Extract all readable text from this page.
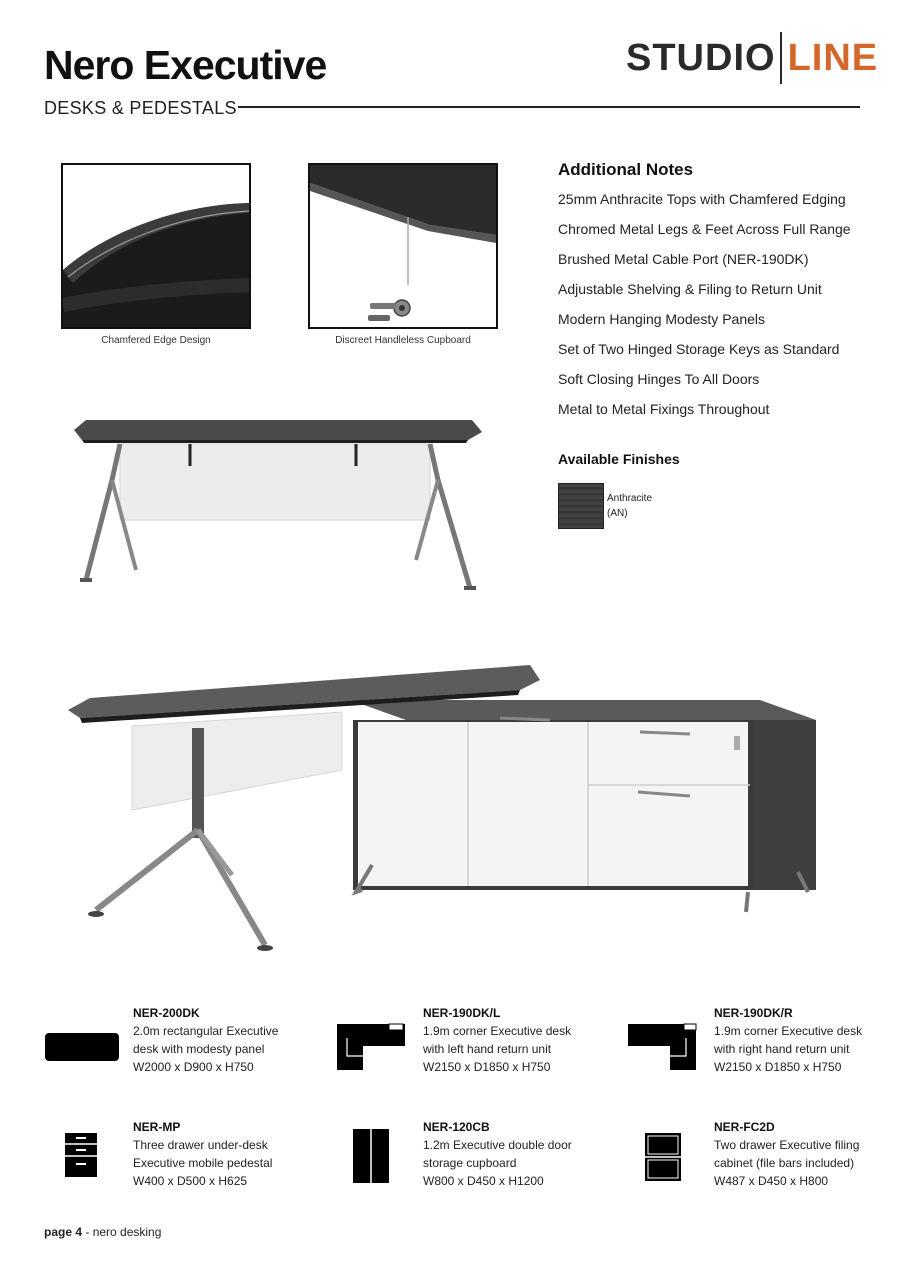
Nero Executive
DESKS & PEDESTALS
STUDIO LINE
Chamfered Edge Design	Discreet Handleless Cupboard
Additional Notes
25mm Anthracite Tops with Chamfered Edging
Chromed Metal Legs & Feet Across Full Range
Brushed Metal Cable Port (NER-190DK)
Adjustable Shelving & Filing to Return Unit
Modern Hanging Modesty Panels
Set of Two Hinged Storage Keys as Standard
Soft Closing Hinges To All Doors
Metal to Metal Fixings Throughout
Available Finishes
Anthracite
(AN)
NER-200DK
2.0m rectangular Executive
desk with modesty panel
W2000 x D900 x H750
NER-190DK/L
1.9m corner Executive desk
with left hand return unit
W2150 x D1850 x H750
NER-190DK/R
1.9m corner Executive desk
with right hand return unit
W2150 x D1850 x H750
NER-MP
Three drawer under-desk
Executive mobile pedestal
W400 x D500 x H625
NER-120CB
1.2m Executive double door
storage cupboard
W800 x D450 x H1200
NER-FC2D
Two drawer Executive filing
cabinet (file bars included)
W487 x D450 x H800
page 4 - nero desking
